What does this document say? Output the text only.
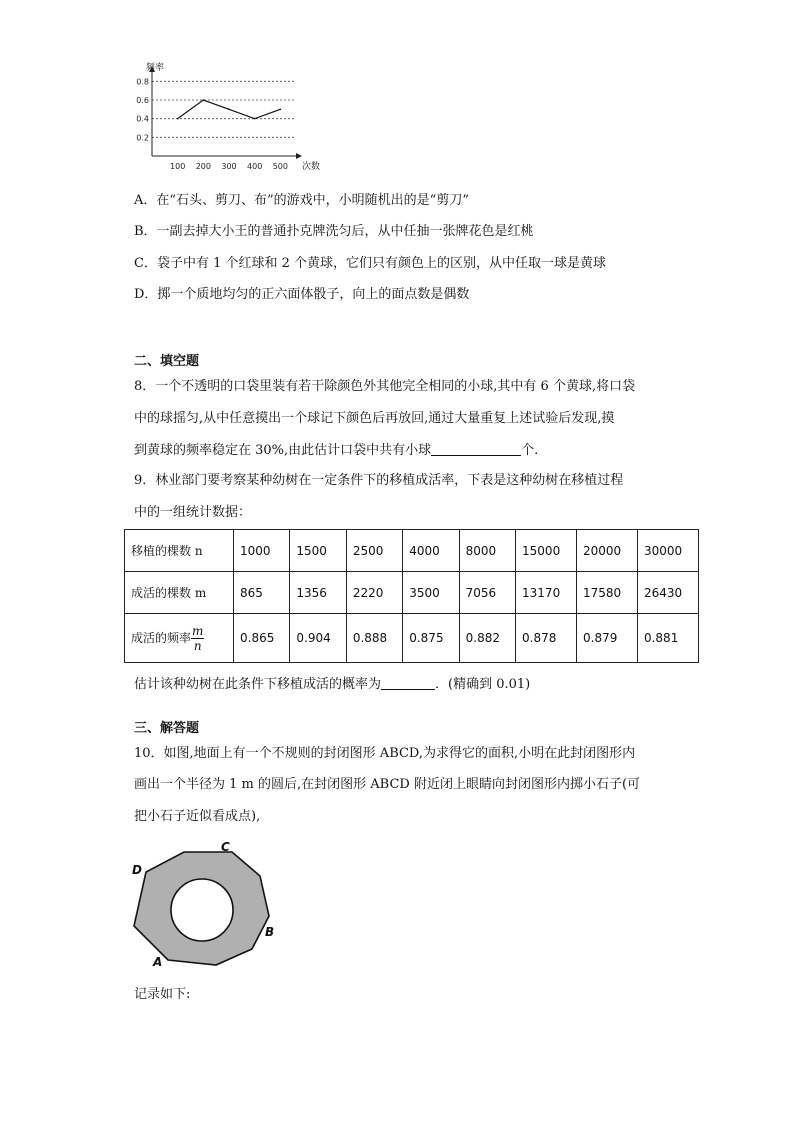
0.8
0.6
0.4
0.2
100 200 300 400 500
频率
次数
A．在“石头、剪刀、布”的游戏中，小明随机出的是“剪刀”
B．一副去掉大小王的普通扑克牌洗匀后，从中任抽一张牌花色是红桃
C．袋子中有 1 个红球和 2 个黄球，它们只有颜色上的区别，从中任取一球是黄球
D．掷一个质地均匀的正六面体骰子，向上的面点数是偶数
二、填空题
8．一个不透明的口袋里装有若干除颜色外其他完全相同的小球,其中有 6 个黄球,将口袋
中的球摇匀,从中任意摸出一个球记下颜色后再放回,通过大量重复上述试验后发现,摸
到黄球的频率稳定在 30%,由此估计口袋中共有小球	个.
9．林业部门要考察某种幼树在一定条件下的移植成活率，下表是这种幼树在移植过程
中的一组统计数据：
移植的棵数 n	1000	1500	2500	4000	8000	15000	20000	30000
成活的棵数 m	865	1356	2220	3500	7056	13170	17580	26430
成活的频率 $\frac{m}{n}$	0.865	0.904	0.888	0.875	0.882	0.878	0.879	0.881
估计该种幼树在此条件下移植成活的概率为	．(精确到 0.01)
三、解答题
10．如图,地面上有一个不规则的封闭图形 ABCD,为求得它的面积,小明在此封闭图形内
画出一个半径为 1 m 的圆后,在封闭图形 ABCD 附近闭上眼睛向封闭图形内掷小石子(可
把小石子近似看成点),
D
C
B
A
记录如下:
